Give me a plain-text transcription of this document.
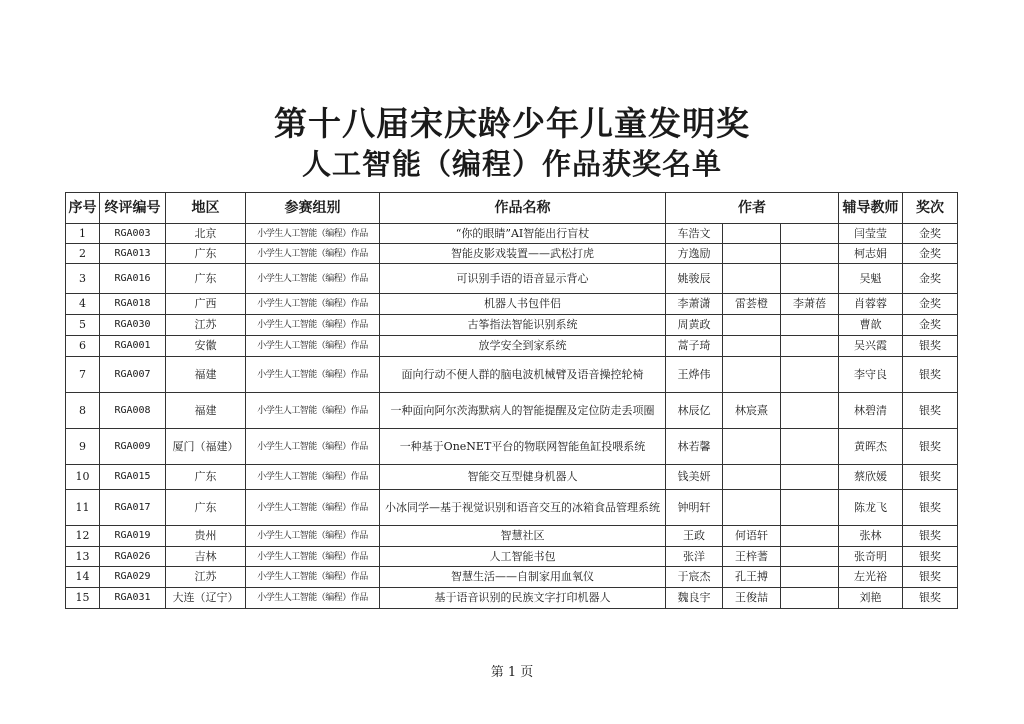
第十八届宋庆龄少年儿童发明奖
人工智能（编程）作品获奖名单
序号	终评编号	地区	参赛组别	作品名称	作者			辅导教师	奖次
1	RGA003	北京	小学生人工智能（编程）作品	“你的眼睛”AI智能出行盲杖	车浩文			闫莹莹	金奖
2	RGA013	广东	小学生人工智能（编程）作品	智能皮影戏装置——武松打虎	方逸励			柯志娟	金奖
3	RGA016	广东	小学生人工智能（编程）作品	可识别手语的语音显示背心	姚骏辰			吴魁	金奖
4	RGA018	广西	小学生人工智能（编程）作品	机器人书包伴侣	李萧潇	雷荟橙	李萧蓓	肖蓉蓉	金奖
5	RGA030	江苏	小学生人工智能（编程）作品	古筝指法智能识别系统	周黄政			曹歆	金奖
6	RGA001	安徽	小学生人工智能（编程）作品	放学安全到家系统	蒿子琦			吴兴霞	银奖
7	RGA007	福建	小学生人工智能（编程）作品	面向行动不便人群的脑电波机械臂及语音操控轮椅	王烨伟			李守良	银奖
8	RGA008	福建	小学生人工智能（编程）作品	一种面向阿尔茨海默病人的智能提醒及定位防走丢项圈	林辰亿	林宸熹		林碧清	银奖
9	RGA009	厦门（福建）	小学生人工智能（编程）作品	一种基于OneNET平台的物联网智能鱼缸投喂系统	林若馨			黄晖杰	银奖
10	RGA015	广东	小学生人工智能（编程）作品	智能交互型健身机器人	钱美妍			蔡欣媛	银奖
11	RGA017	广东	小学生人工智能（编程）作品	小冰同学—基于视觉识别和语音交互的冰箱食品管理系统	钟明轩			陈龙飞	银奖
12	RGA019	贵州	小学生人工智能（编程）作品	智慧社区	王政	何语轩		张林	银奖
13	RGA026	吉林	小学生人工智能（编程）作品	人工智能书包	张洋	王梓蓍		张奇明	银奖
14	RGA029	江苏	小学生人工智能（编程）作品	智慧生活——自制家用血氧仪	于宸杰	孔王搏		左光裕	银奖
15	RGA031	大连（辽宁）	小学生人工智能（编程）作品	基于语音识别的民族文字打印机器人	魏良宇	王俊喆		刘艳	银奖
第 1 页
